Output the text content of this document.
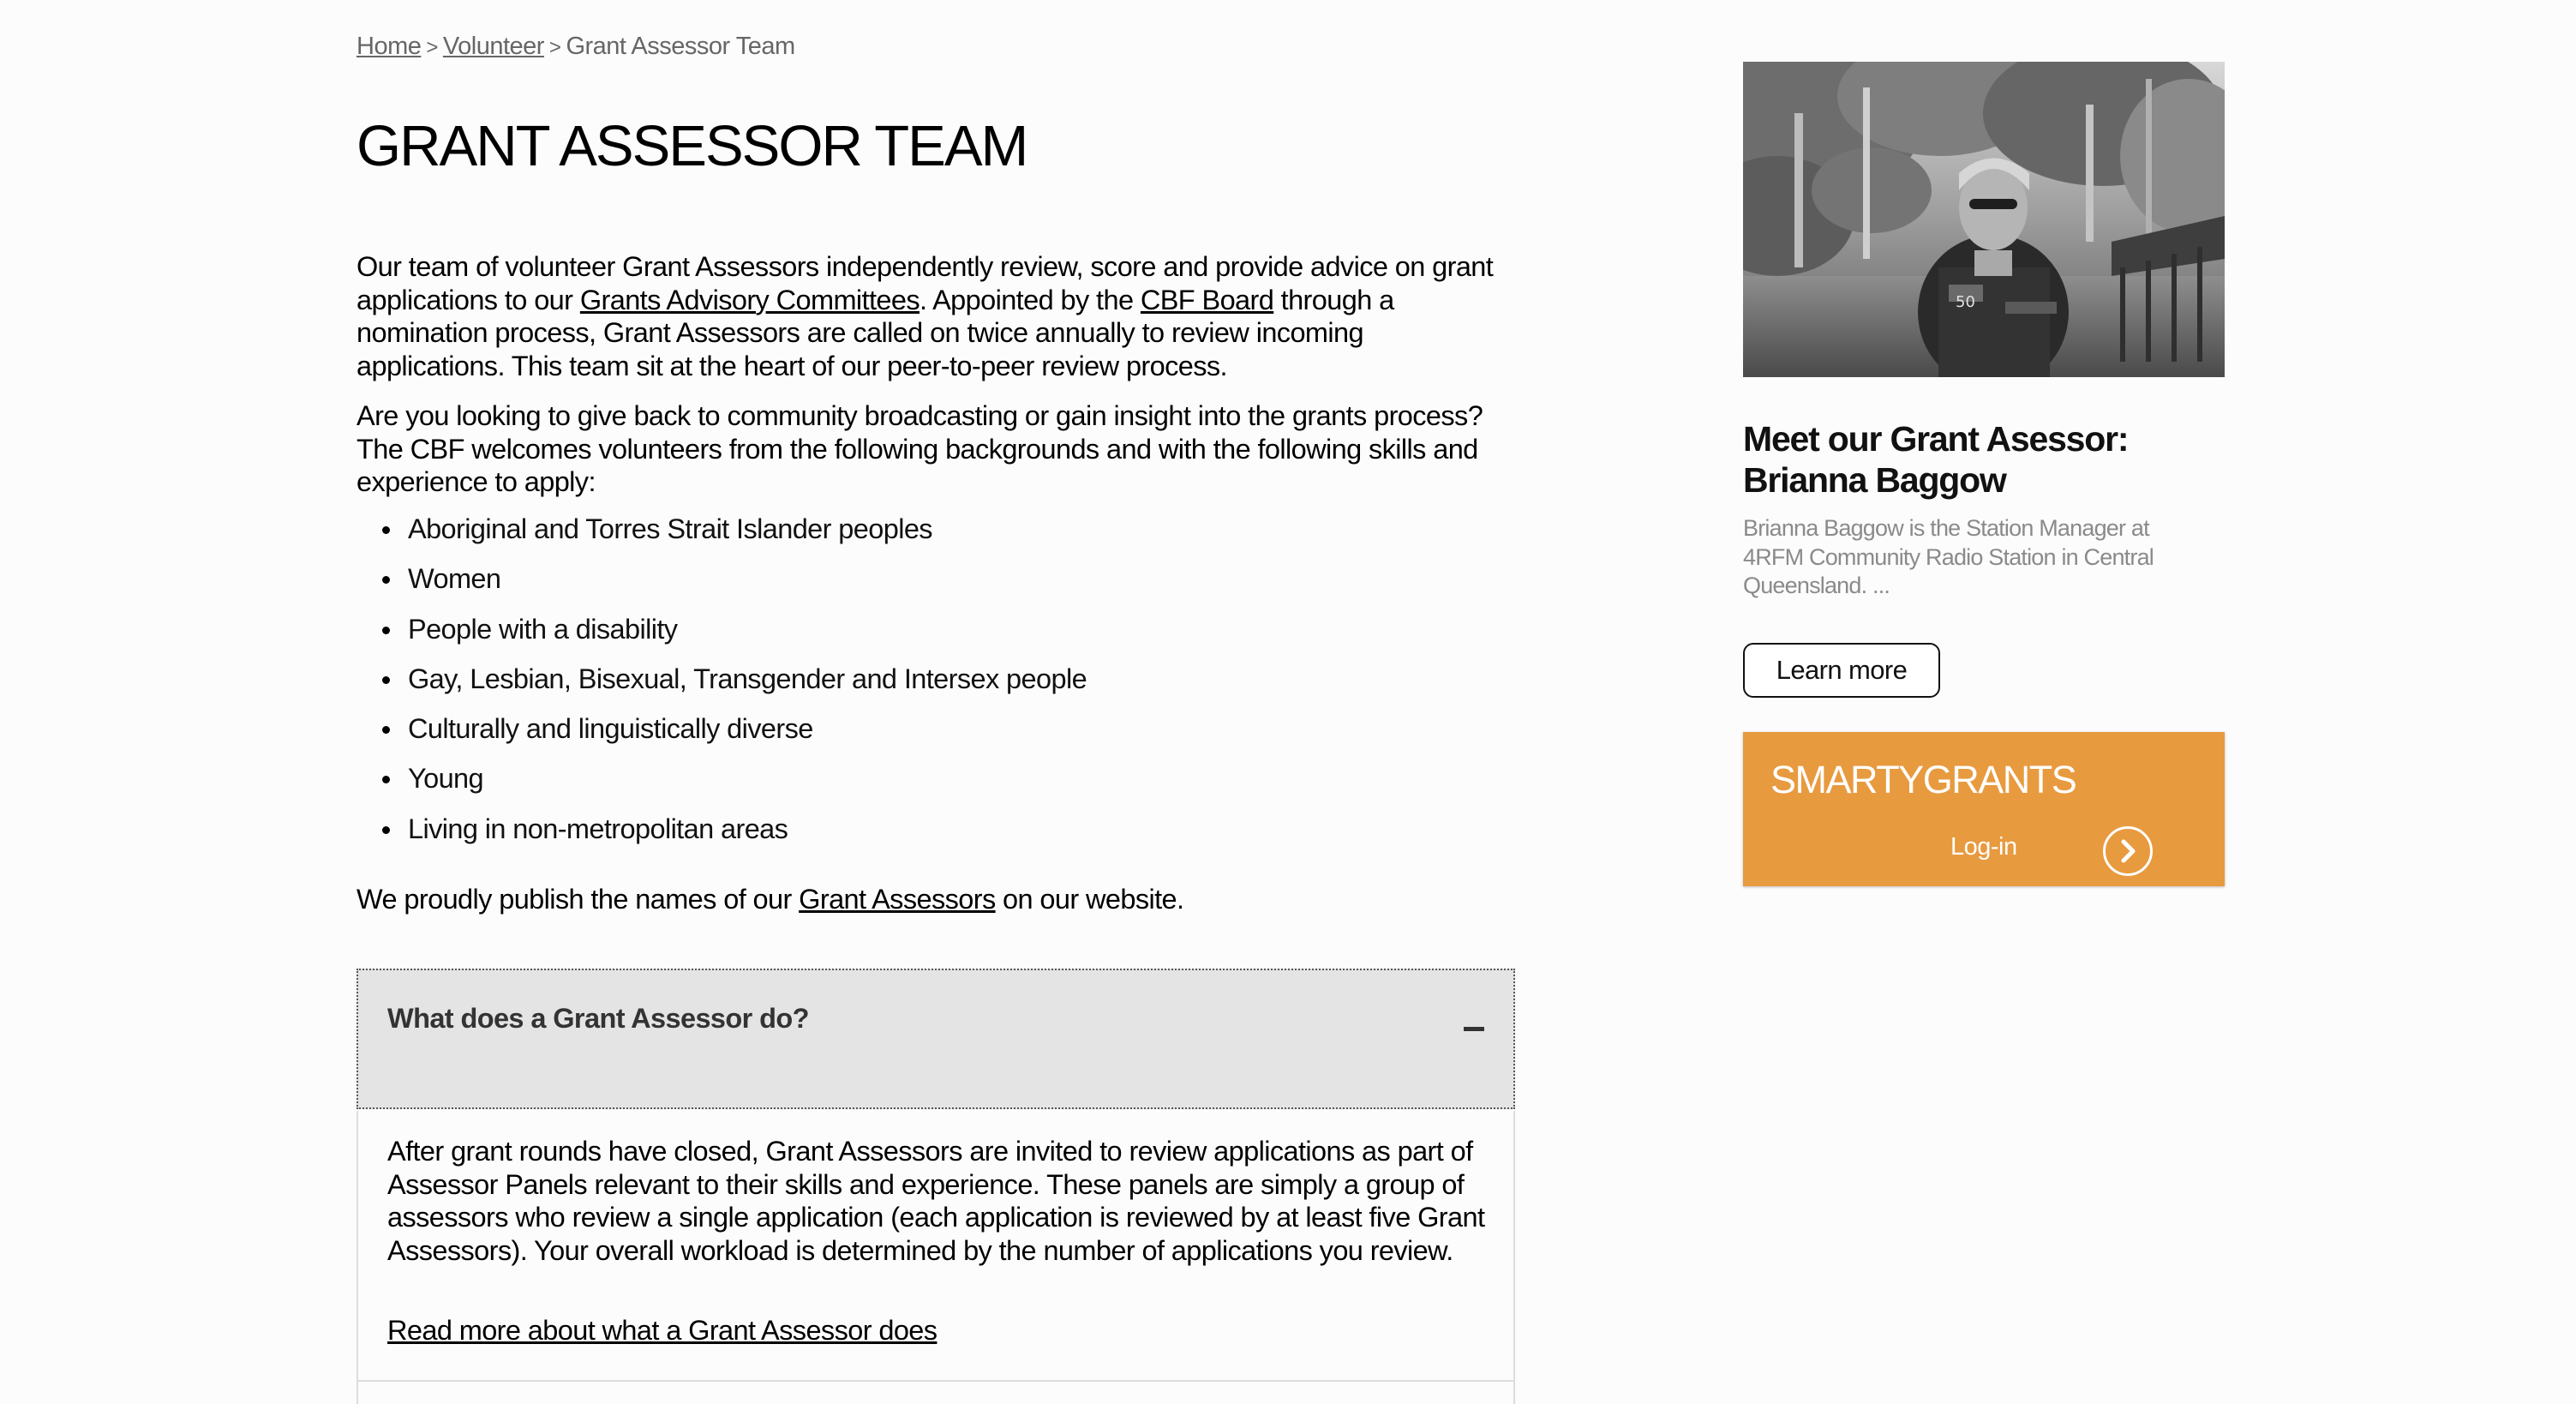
Home > Volunteer > Grant Assessor Team
GRANT ASSESSOR TEAM

Our team of volunteer Grant Assessors independently review, score and provide advice on grant applications to our Grants Advisory Committees. Appointed by the CBF Board through a nomination process, Grant Assessors are called on twice annually to review incoming applications. This team sit at the heart of our peer-to-peer review process.

Are you looking to give back to community broadcasting or gain insight into the grants process? The CBF welcomes volunteers from the following backgrounds and with the following skills and experience to apply:

Aboriginal and Torres Strait Islander peoples
Women
People with a disability
Gay, Lesbian, Bisexual, Transgender and Intersex people
Culturally and linguistically diverse
Young
Living in non-metropolitan areas

We proudly publish the names of our Grant Assessors on our website.

What does a Grant Assessor do?

After grant rounds have closed, Grant Assessors are invited to review applications as part of Assessor Panels relevant to their skills and experience. These panels are simply a group of assessors who review a single application (each application is reviewed by at least five Grant Assessors). Your overall workload is determined by the number of applications you review.

Read more about what a Grant Assessor does
50
Meet our Grant Asessor: Brianna Baggow

Brianna Baggow is the Station Manager at 4RFM Community Radio Station in Central Queensland. ...

Learn more
SMARTYGRANTS
Log-in
